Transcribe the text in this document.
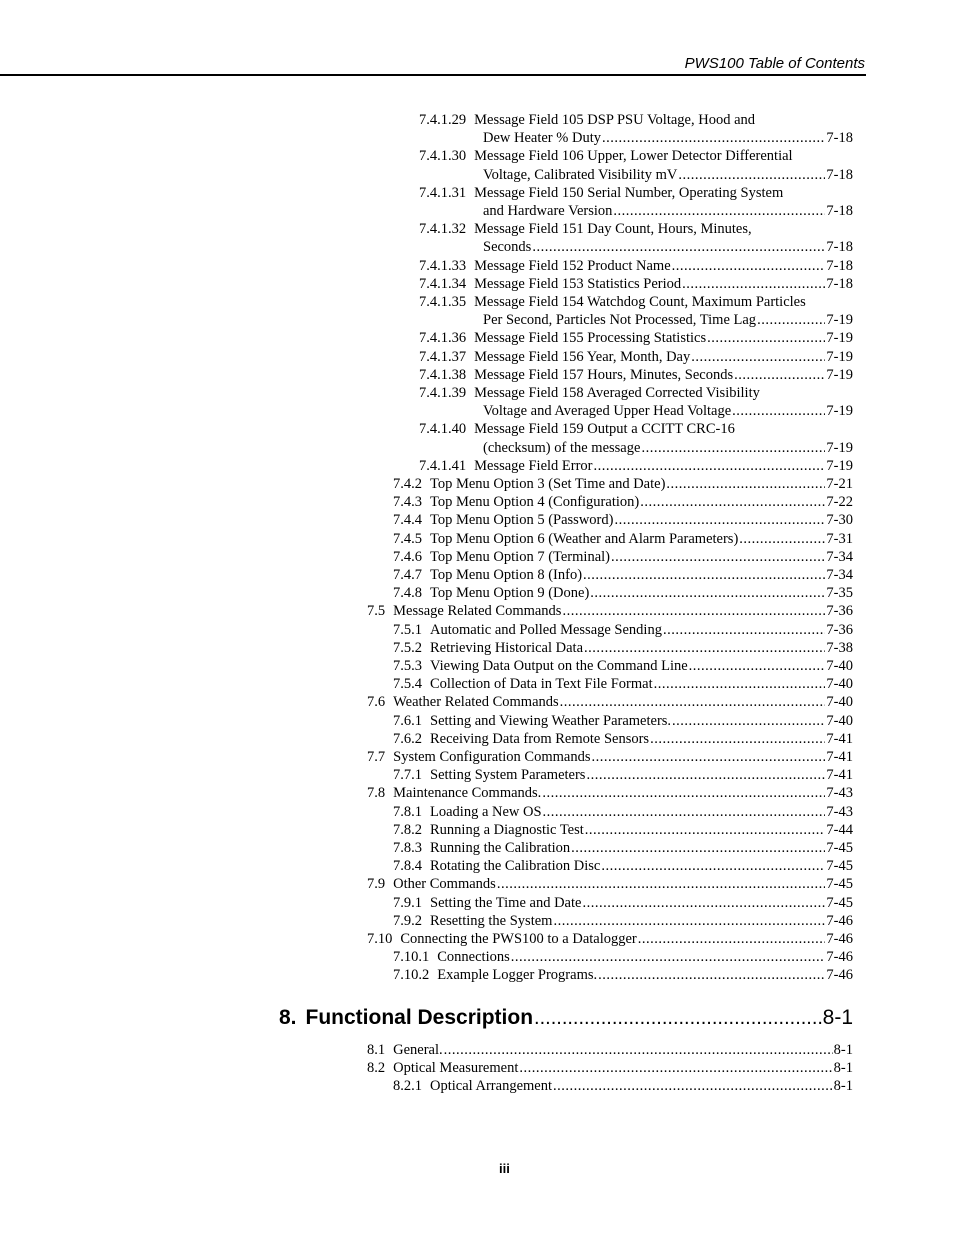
PWS100 Table of Contents
7.4.1.29 Message Field 105 DSP PSU Voltage, Hood and
Dew Heater % Duty .....	7-18
7.4.1.30 Message Field 106 Upper, Lower Detector Differential
Voltage, Calibrated Visibility mV .....	7-18
7.4.1.31 Message Field 150 Serial Number, Operating System
and Hardware Version .....	7-18
7.4.1.32 Message Field 151 Day Count, Hours, Minutes,
Seconds .....	7-18
7.4.1.33 Message Field 152 Product Name .....	7-18
7.4.1.34 Message Field 153 Statistics Period .....	7-18
7.4.1.35 Message Field 154 Watchdog Count, Maximum Particles
Per Second, Particles Not Processed, Time Lag .....	7-19
7.4.1.36 Message Field 155 Processing Statistics .....	7-19
7.4.1.37 Message Field 156 Year, Month, Day .....	7-19
7.4.1.38 Message Field 157 Hours, Minutes, Seconds .....	7-19
7.4.1.39 Message Field 158 Averaged Corrected Visibility
Voltage and Averaged Upper Head Voltage .....	7-19
7.4.1.40 Message Field 159 Output a CCITT CRC-16
(checksum) of the message .....	7-19
7.4.1.41 Message Field Error .....	7-19
7.4.2 Top Menu Option 3 (Set Time and Date) .....	7-21
7.4.3 Top Menu Option 4 (Configuration) .....	7-22
7.4.4 Top Menu Option 5 (Password) .....	7-30
7.4.5 Top Menu Option 6 (Weather and Alarm Parameters) .....	7-31
7.4.6 Top Menu Option 7 (Terminal) .....	7-34
7.4.7 Top Menu Option 8 (Info) .....	7-34
7.4.8 Top Menu Option 9 (Done) .....	7-35
7.5 Message Related Commands .....	7-36
7.5.1 Automatic and Polled Message Sending .....	7-36
7.5.2 Retrieving Historical Data .....	7-38
7.5.3 Viewing Data Output on the Command Line .....	7-40
7.5.4 Collection of Data in Text File Format .....	7-40
7.6 Weather Related Commands .....	7-40
7.6.1 Setting and Viewing Weather Parameters. .....	7-40
7.6.2 Receiving Data from Remote Sensors .....	7-41
7.7 System Configuration Commands .....	7-41
7.7.1 Setting System Parameters .....	7-41
7.8 Maintenance Commands. .....	7-43
7.8.1 Loading a New OS .....	7-43
7.8.2 Running a Diagnostic Test .....	7-44
7.8.3 Running the Calibration .....	7-45
7.8.4 Rotating the Calibration Disc .....	7-45
7.9 Other Commands .....	7-45
7.9.1 Setting the Time and Date .....	7-45
7.9.2 Resetting the System .....	7-46
7.10 Connecting the PWS100 to a Datalogger .....	7-46
7.10.1 Connections .....	7-46
7.10.2 Example Logger Programs. .....	7-46
8. Functional Description .....	8-1
8.1 General. .....	8-1
8.2 Optical Measurement .....	8-1
8.2.1 Optical Arrangement .....	8-1
iii
